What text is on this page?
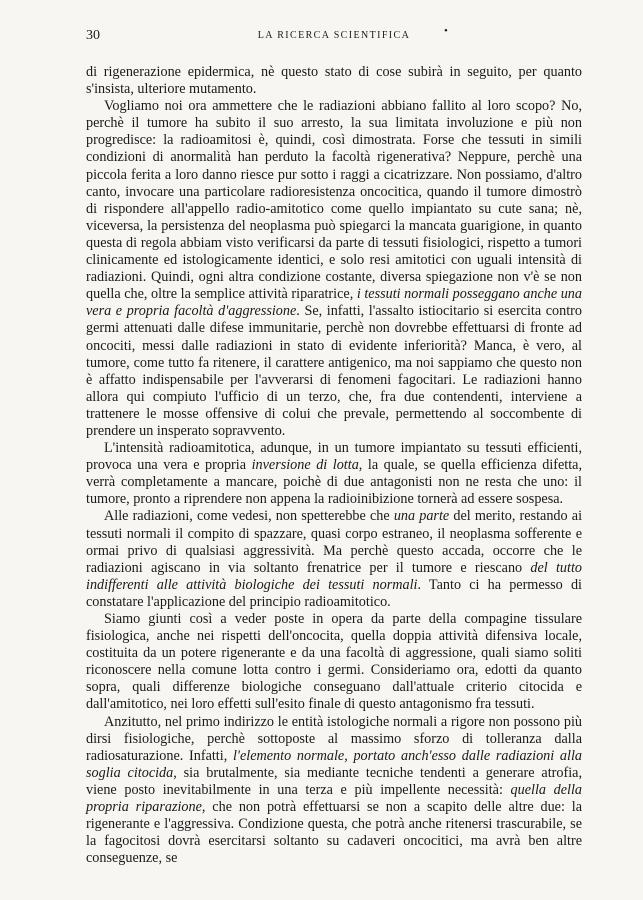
30	LA RICERCA SCIENTIFICA	•

di rigenerazione epidermica, nè questo stato di cose subirà in seguito, per quanto s'insista, ulteriore mutamento.

Vogliamo noi ora ammettere che le radiazioni abbiano fallito al loro scopo? No, perchè il tumore ha subito il suo arresto, la sua limitata involuzione e più non progredisce: la radioamitosi è, quindi, così dimostrata. Forse che tessuti in simili condizioni di anormalità han perduto la facoltà rigenerativa? Neppure, perchè una piccola ferita a loro danno riesce pur sotto i raggi a cicatrizzare. Non possiamo, d'altro canto, invocare una particolare radioresistenza oncocitica, quando il tumore dimostrò di rispondere all'appello radio-amitotico come quello impiantato su cute sana; nè, viceversa, la persistenza del neoplasma può spiegarci la mancata guarigione, in quanto questa di regola abbiam visto verificarsi da parte di tessuti fisiologici, rispetto a tumori clinicamente ed istologicamente identici, e solo resi amitotici con uguali intensità di radiazioni. Quindi, ogni altra condizione costante, diversa spiegazione non v'è se non quella che, oltre la semplice attività riparatrice, i tessuti normali posseggano anche una vera e propria facoltà d'aggressione. Se, infatti, l'assalto istiocitario si esercita contro germi attenuati dalle difese immunitarie, perchè non dovrebbe effettuarsi di fronte ad oncociti, messi dalle radiazioni in stato di evidente inferiorità? Manca, è vero, al tumore, come tutto fa ritenere, il carattere antigenico, ma noi sappiamo che questo non è affatto indispensabile per l'avverarsi di fenomeni fagocitari. Le radiazioni hanno allora qui compiuto l'ufficio di un terzo, che, fra due contendenti, interviene a trattenere le mosse offensive di colui che prevale, permettendo al soccombente di prendere un insperato sopravvento.

L'intensità radioamitotica, adunque, in un tumore impiantato su tessuti efficienti, provoca una vera e propria inversione di lotta, la quale, se quella efficienza difetta, verrà completamente a mancare, poichè di due antagonisti non ne resta che uno: il tumore, pronto a riprendere non appena la radioinibizione tornerà ad essere sospesa.

Alle radiazioni, come vedesi, non spetterebbe che una parte del merito, restando ai tessuti normali il compito di spazzare, quasi corpo estraneo, il neoplasma sofferente e ormai privo di qualsiasi aggressività. Ma perchè questo accada, occorre che le radiazioni agiscano in via soltanto frenatrice per il tumore e riescano del tutto indifferenti alle attività biologiche dei tessuti normali. Tanto ci ha permesso di constatare l'applicazione del principio radioamitotico.

Siamo giunti così a veder poste in opera da parte della compagine tissulare fisiologica, anche nei rispetti dell'oncocita, quella doppia attività difensiva locale, costituita da un potere rigenerante e da una facoltà di aggressione, quali siamo soliti riconoscere nella comune lotta contro i germi. Consideriamo ora, edotti da quanto sopra, quali differenze biologiche conseguano dall'attuale criterio citocida e dall'amitotico, nei loro effetti sull'esito finale di questo antagonismo fra tessuti.

Anzitutto, nel primo indirizzo le entità istologiche normali a rigore non possono più dirsi fisiologiche, perchè sottoposte al massimo sforzo di tolleranza dalla radiosaturazione. Infatti, l'elemento normale, portato anch'esso dalle radiazioni alla soglia citocida, sia brutalmente, sia mediante tecniche tendenti a generare atrofia, viene posto inevitabilmente in una terza e più impellente necessità: quella della propria riparazione, che non potrà effettuarsi se non a scapito delle altre due: la rigenerante e l'aggressiva. Condizione questa, che potrà anche ritenersi trascurabile, se la fagocitosi dovrà esercitarsi soltanto su cadaveri oncocitici, ma avrà ben altre conseguenze, se
